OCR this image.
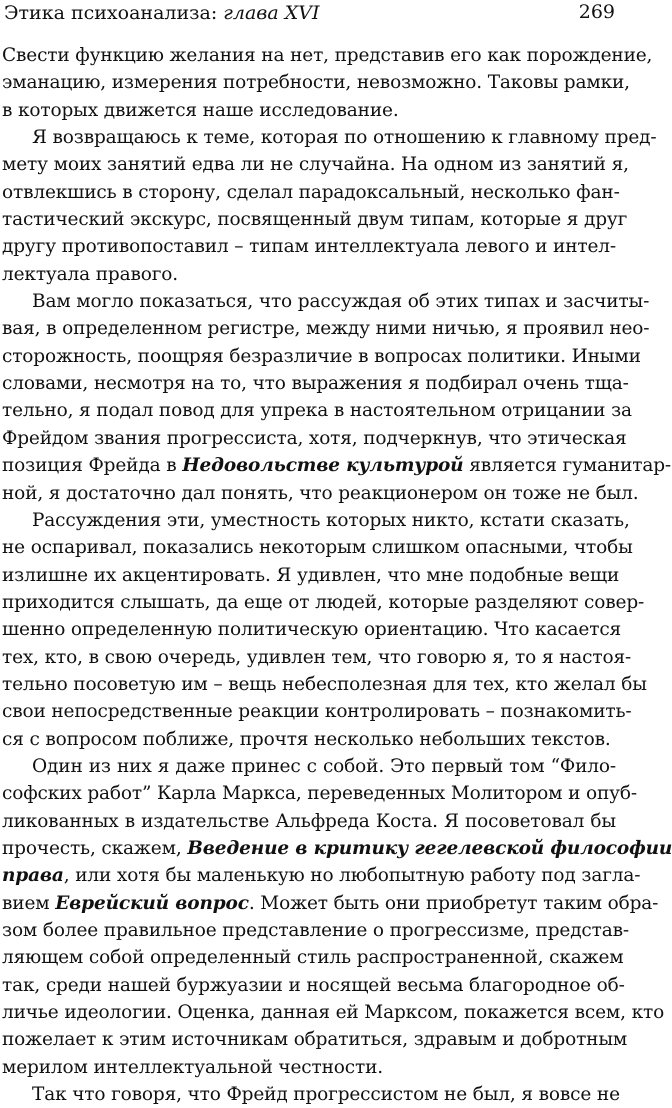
Этика психоанализа: глава XVI	269
Свести функцию желания на нет, представив его как порождение,
эманацию, измерения потребности, невозможно. Таковы рамки,
в которых движется наше исследование.
Я возвращаюсь к теме, которая по отношению к главному пред-
мету моих занятий едва ли не случайна. На одном из занятий я,
отвлекшись в сторону, сделал парадоксальный, несколько фан-
тастический экскурс, посвященный двум типам, которые я друг
другу противопоставил – типам интеллектуала левого и интел-
лектуала правого.
Вам могло показаться, что рассуждая об этих типах и засчиты-
вая, в определенном регистре, между ними ничью, я проявил нео-
сторожность, поощряя безразличие в вопросах политики. Иными
словами, несмотря на то, что выражения я подбирал очень тща-
тельно, я подал повод для упрека в настоятельном отрицании за
Фрейдом звания прогрессиста, хотя, подчеркнув, что этическая
позиция Фрейда в Недовольстве культурой является гуманитар-
ной, я достаточно дал понять, что реакционером он тоже не был.
Рассуждения эти, уместность которых никто, кстати сказать,
не оспаривал, показались некоторым слишком опасными, чтобы
излишне их акцентировать. Я удивлен, что мне подобные вещи
приходится слышать, да еще от людей, которые разделяют совер-
шенно определенную политическую ориентацию. Что касается
тех, кто, в свою очередь, удивлен тем, что говорю я, то я настоя-
тельно посоветую им – вещь небесполезная для тех, кто желал бы
свои непосредственные реакции контролировать – познакомить-
ся с вопросом поближе, прочтя несколько небольших текстов.
Один из них я даже принес с собой. Это первый том “Фило-
софских работ” Карла Маркса, переведенных Молитором и опуб-
ликованных в издательстве Альфреда Коста. Я посоветовал бы
прочесть, скажем, Введение в критику гегелевской философии
права, или хотя бы маленькую но любопытную работу под загла-
вием Еврейский вопрос. Может быть они приобретут таким обра-
зом более правильное представление о прогрессизме, представ-
ляющем собой определенный стиль распространенной, скажем
так, среди нашей буржуазии и носящей весьма благородное об-
личье идеологии. Оценка, данная ей Марксом, покажется всем, кто
пожелает к этим источникам обратиться, здравым и добротным
мерилом интеллектуальной честности.
Так что говоря, что Фрейд прогрессистом не был, я вовсе не
